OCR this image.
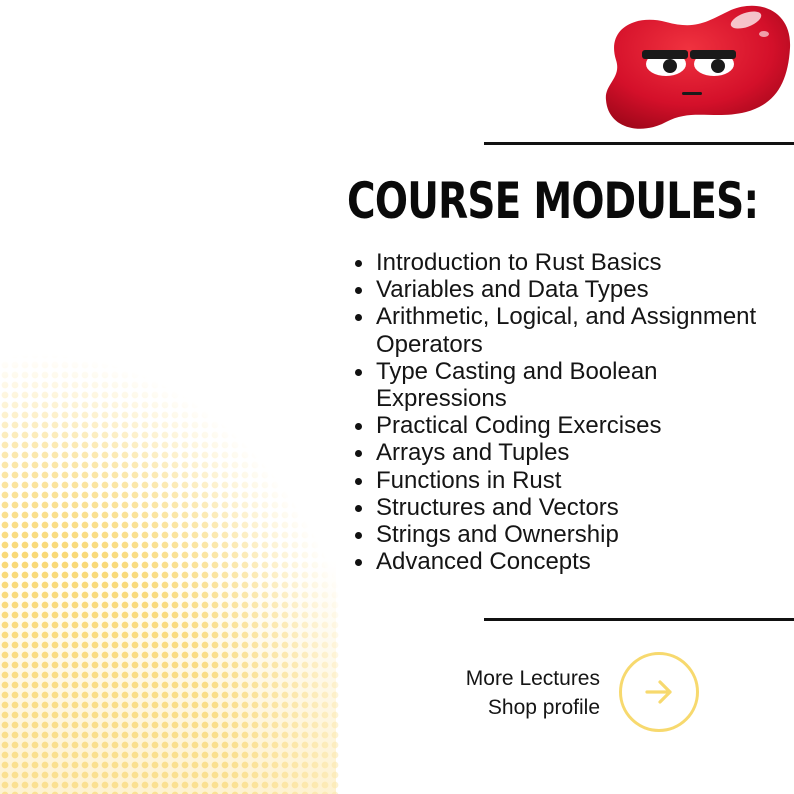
COURSE MODULES:
Introduction to Rust Basics
Variables and Data Types
Arithmetic, Logical, and Assignment Operators
Type Casting and Boolean Expressions
Practical Coding Exercises
Arrays and Tuples
Functions in Rust
Structures and Vectors
Strings and Ownership
Advanced Concepts
More Lectures
Shop profile
